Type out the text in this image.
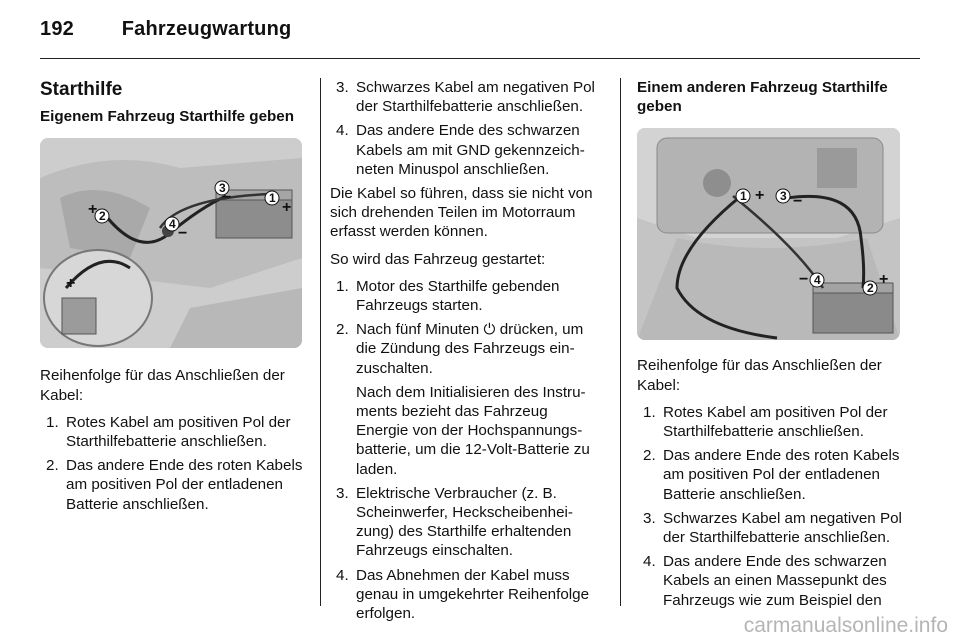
192 Fahrzeugwartung
Starthilfe
Eigenem Fahrzeug Starthilfe geben
1
2
3
4
+
+
+
−
−

Reihenfolge für das Anschließen der Kabel:

1. Rotes Kabel am positiven Pol der Starthilfebatterie anschließen.
2. Das andere Ende des roten Kabels am positiven Pol der entladenen Batterie anschließen.
3. Schwarzes Kabel am negativen Pol der Starthilfebatterie anschließen.
4. Das andere Ende des schwarzen Kabels am mit GND gekennzeichneten Minuspol anschließen.

Die Kabel so führen, dass sie nicht von sich drehenden Teilen im Motorraum erfasst werden können.

So wird das Fahrzeug gestartet:

1. Motor des Starthilfe gebenden Fahrzeugs starten.
2. Nach fünf Minuten ⏻ drücken, um die Zündung des Fahrzeugs einzuschalten.
Nach dem Initialisieren des Instruments bezieht das Fahrzeug Energie von der Hochspannungsbatterie, um die 12-Volt-Batterie zu laden.
3. Elektrische Verbraucher (z. B. Scheinwerfer, Heckscheibenheizung) des Starthilfe erhaltenden Fahrzeugs einschalten.
4. Das Abnehmen der Kabel muss genau in umgekehrter Reihenfolge erfolgen.
Einem anderen Fahrzeug Starthilfe geben
1
2
3
4
+
+
−
−

Reihenfolge für das Anschließen der Kabel:

1. Rotes Kabel am positiven Pol der Starthilfebatterie anschließen.
2. Das andere Ende des roten Kabels am positiven Pol der entladenen Batterie anschließen.
3. Schwarzes Kabel am negativen Pol der Starthilfebatterie anschließen.
4. Das andere Ende des schwarzen Kabels an einen Massepunkt des Fahrzeugs wie zum Beispiel den
carmanualsonline.info
